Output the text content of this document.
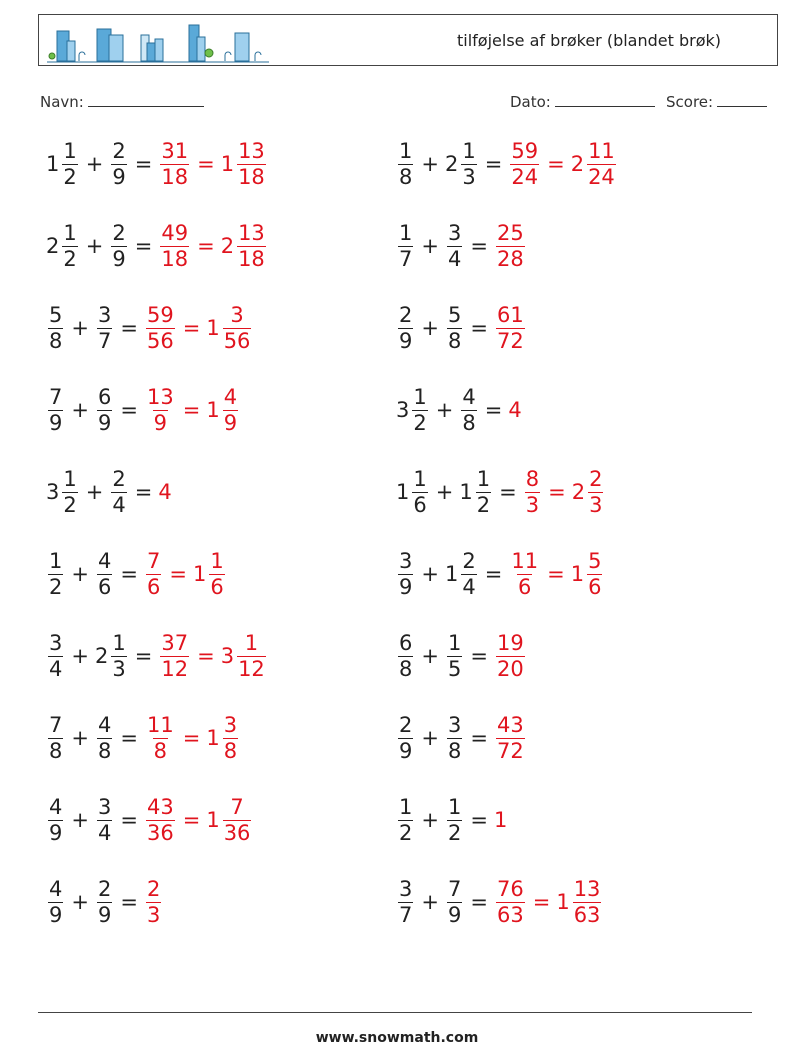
tilføjelse af brøker (blandet brøk)
Navn:	Dato:	Score:
$1 \frac{1}{2} + \frac{2}{9} = \frac{31}{18} = 1 \frac{13}{18}$	$\frac{1}{8} + 2 \frac{1}{3} = \frac{59}{24} = 2 \frac{11}{24}$
$2 \frac{1}{2} + \frac{2}{9} = \frac{49}{18} = 2 \frac{13}{18}$	$\frac{1}{7} + \frac{3}{4} = \frac{25}{28}$
$\frac{5}{8} + \frac{3}{7} = \frac{59}{56} = 1 \frac{3}{56}$	$\frac{2}{9} + \frac{5}{8} = \frac{61}{72}$
$\frac{7}{9} + \frac{6}{9} = \frac{13}{9} = 1 \frac{4}{9}$	$3 \frac{1}{2} + \frac{4}{8} = 4$
$3 \frac{1}{2} + \frac{2}{4} = 4$	$1 \frac{1}{6} + 1 \frac{1}{2} = \frac{8}{3} = 2 \frac{2}{3}$
$\frac{1}{2} + \frac{4}{6} = \frac{7}{6} = 1 \frac{1}{6}$	$\frac{3}{9} + 1 \frac{2}{4} = \frac{11}{6} = 1 \frac{5}{6}$
$\frac{3}{4} + 2 \frac{1}{3} = \frac{37}{12} = 3 \frac{1}{12}$	$\frac{6}{8} + \frac{1}{5} = \frac{19}{20}$
$\frac{7}{8} + \frac{4}{8} = \frac{11}{8} = 1 \frac{3}{8}$	$\frac{2}{9} + \frac{3}{8} = \frac{43}{72}$
$\frac{4}{9} + \frac{3}{4} = \frac{43}{36} = 1 \frac{7}{36}$	$\frac{1}{2} + \frac{1}{2} = 1$
$\frac{4}{9} + \frac{2}{9} = \frac{2}{3}$	$\frac{3}{7} + \frac{7}{9} = \frac{76}{63} = 1 \frac{13}{63}$
www.snowmath.com
